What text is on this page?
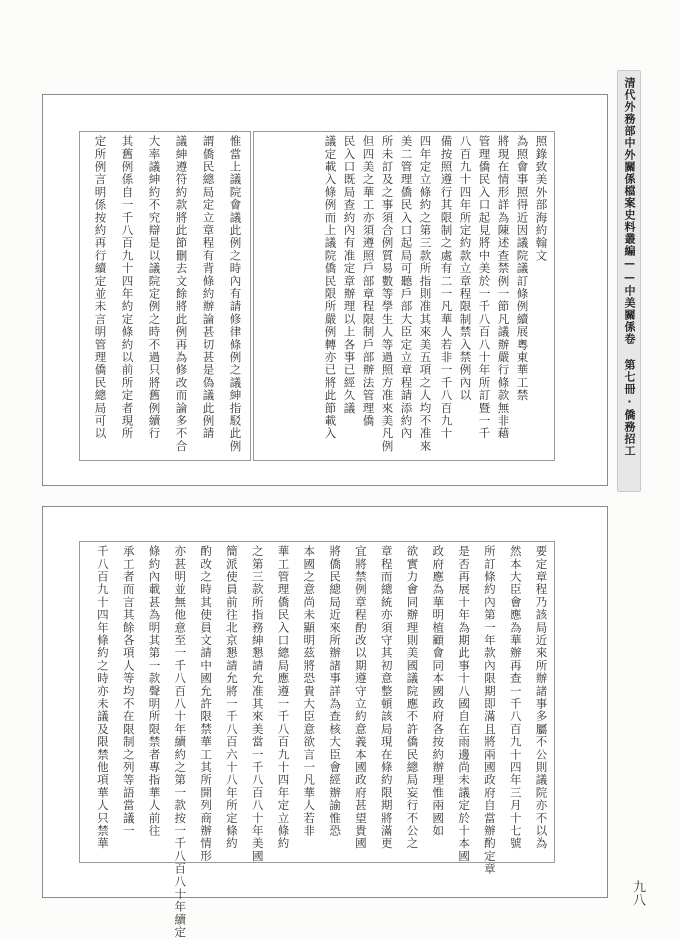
清代外務部中外關係檔案史料叢編——中美關係卷 第七冊·僑務招工
照錄致美外部海約翰文
為照會事照得近因議院議訂條例續展粵東華工禁
將現在情形詳為陳述查禁例一節凡議辦嚴行條款無非藉
管理僑民入口起見將中美於一千八百八十年所訂暨一千
八百九十四年所定約款立章程限制禁入禁例內以
備按照遵行其限制之處有二一凡華人若非一千八百九十
四年定立條約之第三款所指則准其來美五項之人均不准來
美二管理僑民入口起局可聽戶部大臣定立章程請添約內
所未訂及之事須合例質易數等學生人等過照方准來美凡例
但四美之華工亦須遵照戶部章程限制戶部辦法管理僑
民入口既局查約內有准定章辦理以上各事已經久議
議定載入條例而上議院僑民限所嚴例轉亦已將此節載入
惟當上議院會議此例之時內有請修律條例之議紳指駁此例
謂僑民總局定立章程有背條約辦論甚切甚是偽議此例請
議紳遵符約款將此節刪去文餘將此例再為修改而論多不合
大率議紳約不究辯是以議院定例之時不過只將舊例續行
其舊例係自一千八百九十四年約定條約以前所定者現所
定所例言明係按約再行續定並未言明管理僑民總局可以
要定章程乃該局近來所辦諸事多屬不公則議院亦不以為
然本大臣會應為華辦再查一千八百九十四年三月十七號
所訂條約內第一年款內限期即滿且將兩國政府自當辦酌定章
是否再展十年為期此事十八國自在雨邊尚未議定於十本國
政府應為華明植顧會同本國政府各按約辦理惟兩國如
欲實力會同辦理則美國議院應不許僑民總局妄行不公之
章程而總統亦須守其初意整頓該局現在條約限期將滿更
宜將禁例章程酌改以期遵守立約意義本國政府甚望貴國
將僑民總局近來所辦諸事詳為查核大臣會經辦諭惟恐
本國之意尚未顯明茲將恐貴大臣意欲言一凡華人若非
華工管理僑民入口總局應遵一千八百九十四年定立條約
之第三款所指務紳懇請允准其來美當一千八百八十年美國
簡派使員前往北京懇請允將一千八百六十八年所定條約
酌改之時其使員文請中國允許限禁華工其所開列商辦情形
亦甚明並無他意至一千八百八十年續約之第一款按一千八百八十年續定
條約內載甚為明其第一款聲明所限禁者專指華人前往
承工者而言其餘各項人等均不在限制之列等語當議一
千八百九十四年條約之時亦未議及限禁他項華人只禁華
九八
